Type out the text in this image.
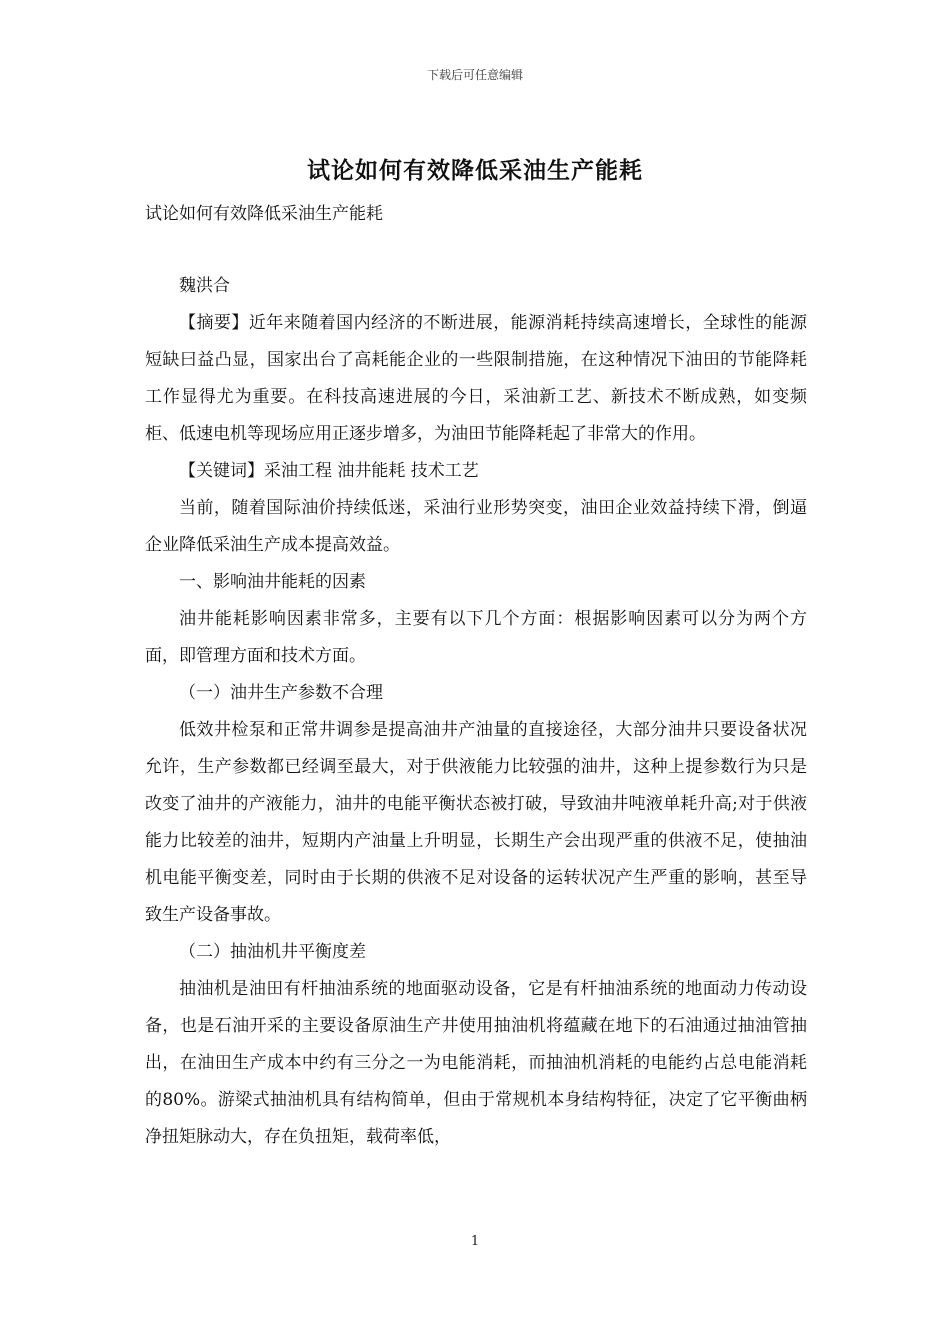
下载后可任意编辑
试论如何有效降低采油生产能耗

试论如何有效降低采油生产能耗

魏洪合

【摘要】近年来随着国内经济的不断进展，能源消耗持续高速增长，全球性的能源短缺曰益凸显，国家出台了高耗能企业的一些限制措施，在这种情况下油田的节能降耗工作显得尤为重要。在科技高速进展的今日，采油新工艺、新技术不断成熟，如变频柜、低速电机等现场应用正逐步增多，为油田节能降耗起了非常大的作用。

【关键词】采油工程 油井能耗 技术工艺

当前，随着国际油价持续低迷，采油行业形势突变，油田企业效益持续下滑，倒逼企业降低采油生产成本提高效益。

一、影响油井能耗的因素

油井能耗影响因素非常多，主要有以下几个方面：根据影响因素可以分为两个方面，即管理方面和技术方面。

（一）油井生产参数不合理

低效井检泵和正常井调参是提高油井产油量的直接途径，大部分油井只要设备状况允许，生产参数都已经调至最大，对于供液能力比较强的油井，这种上提参数行为只是改变了油井的产液能力，油井的电能平衡状态被打破，导致油井吨液单耗升高;对于供液能力比较差的油井，短期内产油量上升明显，长期生产会出现严重的供液不足，使抽油机电能平衡变差，同时由于长期的供液不足对设备的运转状况产生严重的影响，甚至导致生产设备事故。

（二）抽油机井平衡度差

抽油机是油田有杆抽油系统的地面驱动设备，它是有杆抽油系统的地面动力传动设备，也是石油开采的主要设备原油生产井使用抽油机将蕴藏在地下的石油通过抽油管抽出，在油田生产成本中约有三分之一为电能消耗，而抽油机消耗的电能约占总电能消耗的80%。游梁式抽油机具有结构简单，但由于常规机本身结构特征，决定了它平衡曲柄净扭矩脉动大，存在负扭矩，载荷率低，

1
